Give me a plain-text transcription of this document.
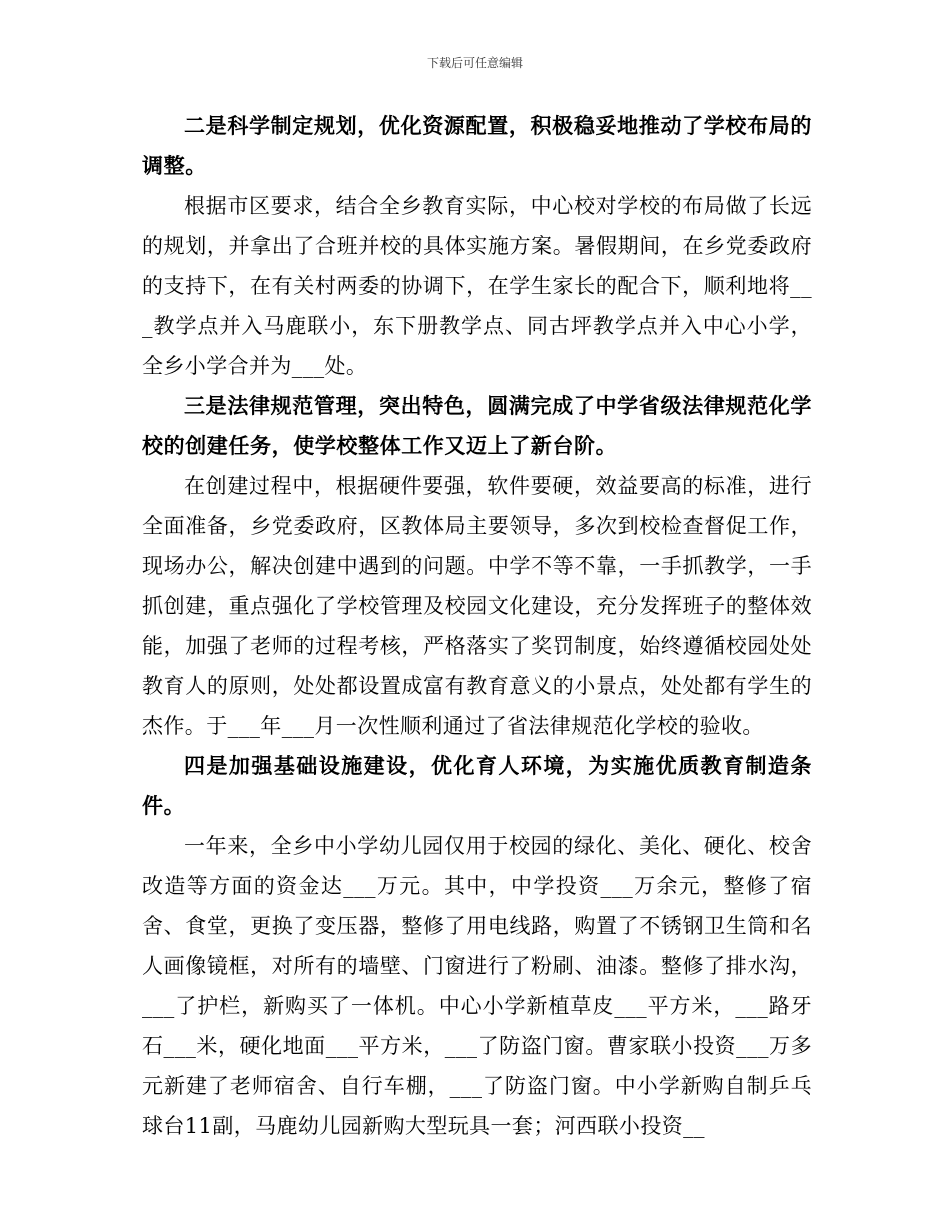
下载后可任意编辑

二是科学制定规划，优化资源配置，积极稳妥地推动了学校布局的调整。

根据市区要求，结合全乡教育实际，中心校对学校的布局做了长远的规划，并拿出了合班并校的具体实施方案。暑假期间，在乡党委政府的支持下，在有关村两委的协调下，在学生家长的配合下，顺利地将___教学点并入马鹿联小，东下册教学点、同古坪教学点并入中心小学，全乡小学合并为___处。

三是法律规范管理，突出特色，圆满完成了中学省级法律规范化学校的创建任务，使学校整体工作又迈上了新台阶。

在创建过程中，根据硬件要强，软件要硬，效益要高的标准，进行全面准备，乡党委政府，区教体局主要领导，多次到校检查督促工作，现场办公，解决创建中遇到的问题。中学不等不靠，一手抓教学，一手抓创建，重点强化了学校管理及校园文化建设，充分发挥班子的整体效能，加强了老师的过程考核，严格落实了奖罚制度，始终遵循校园处处教育人的原则，处处都设置成富有教育意义的小景点，处处都有学生的杰作。于___年___月一次性顺利通过了省法律规范化学校的验收。

四是加强基础设施建设，优化育人环境，为实施优质教育制造条件。

一年来，全乡中小学幼儿园仅用于校园的绿化、美化、硬化、校舍改造等方面的资金达___万元。其中，中学投资___万余元，整修了宿舍、食堂，更换了变压器，整修了用电线路，购置了不锈钢卫生筒和名人画像镜框，对所有的墙壁、门窗进行了粉刷、油漆。整修了排水沟，___了护栏，新购买了一体机。中心小学新植草皮___平方米，___路牙石___米，硬化地面___平方米，___了防盗门窗。曹家联小投资___万多元新建了老师宿舍、自行车棚，___了防盗门窗。中小学新购自制乒乓球台11副，马鹿幼儿园新购大型玩具一套；河西联小投资__
